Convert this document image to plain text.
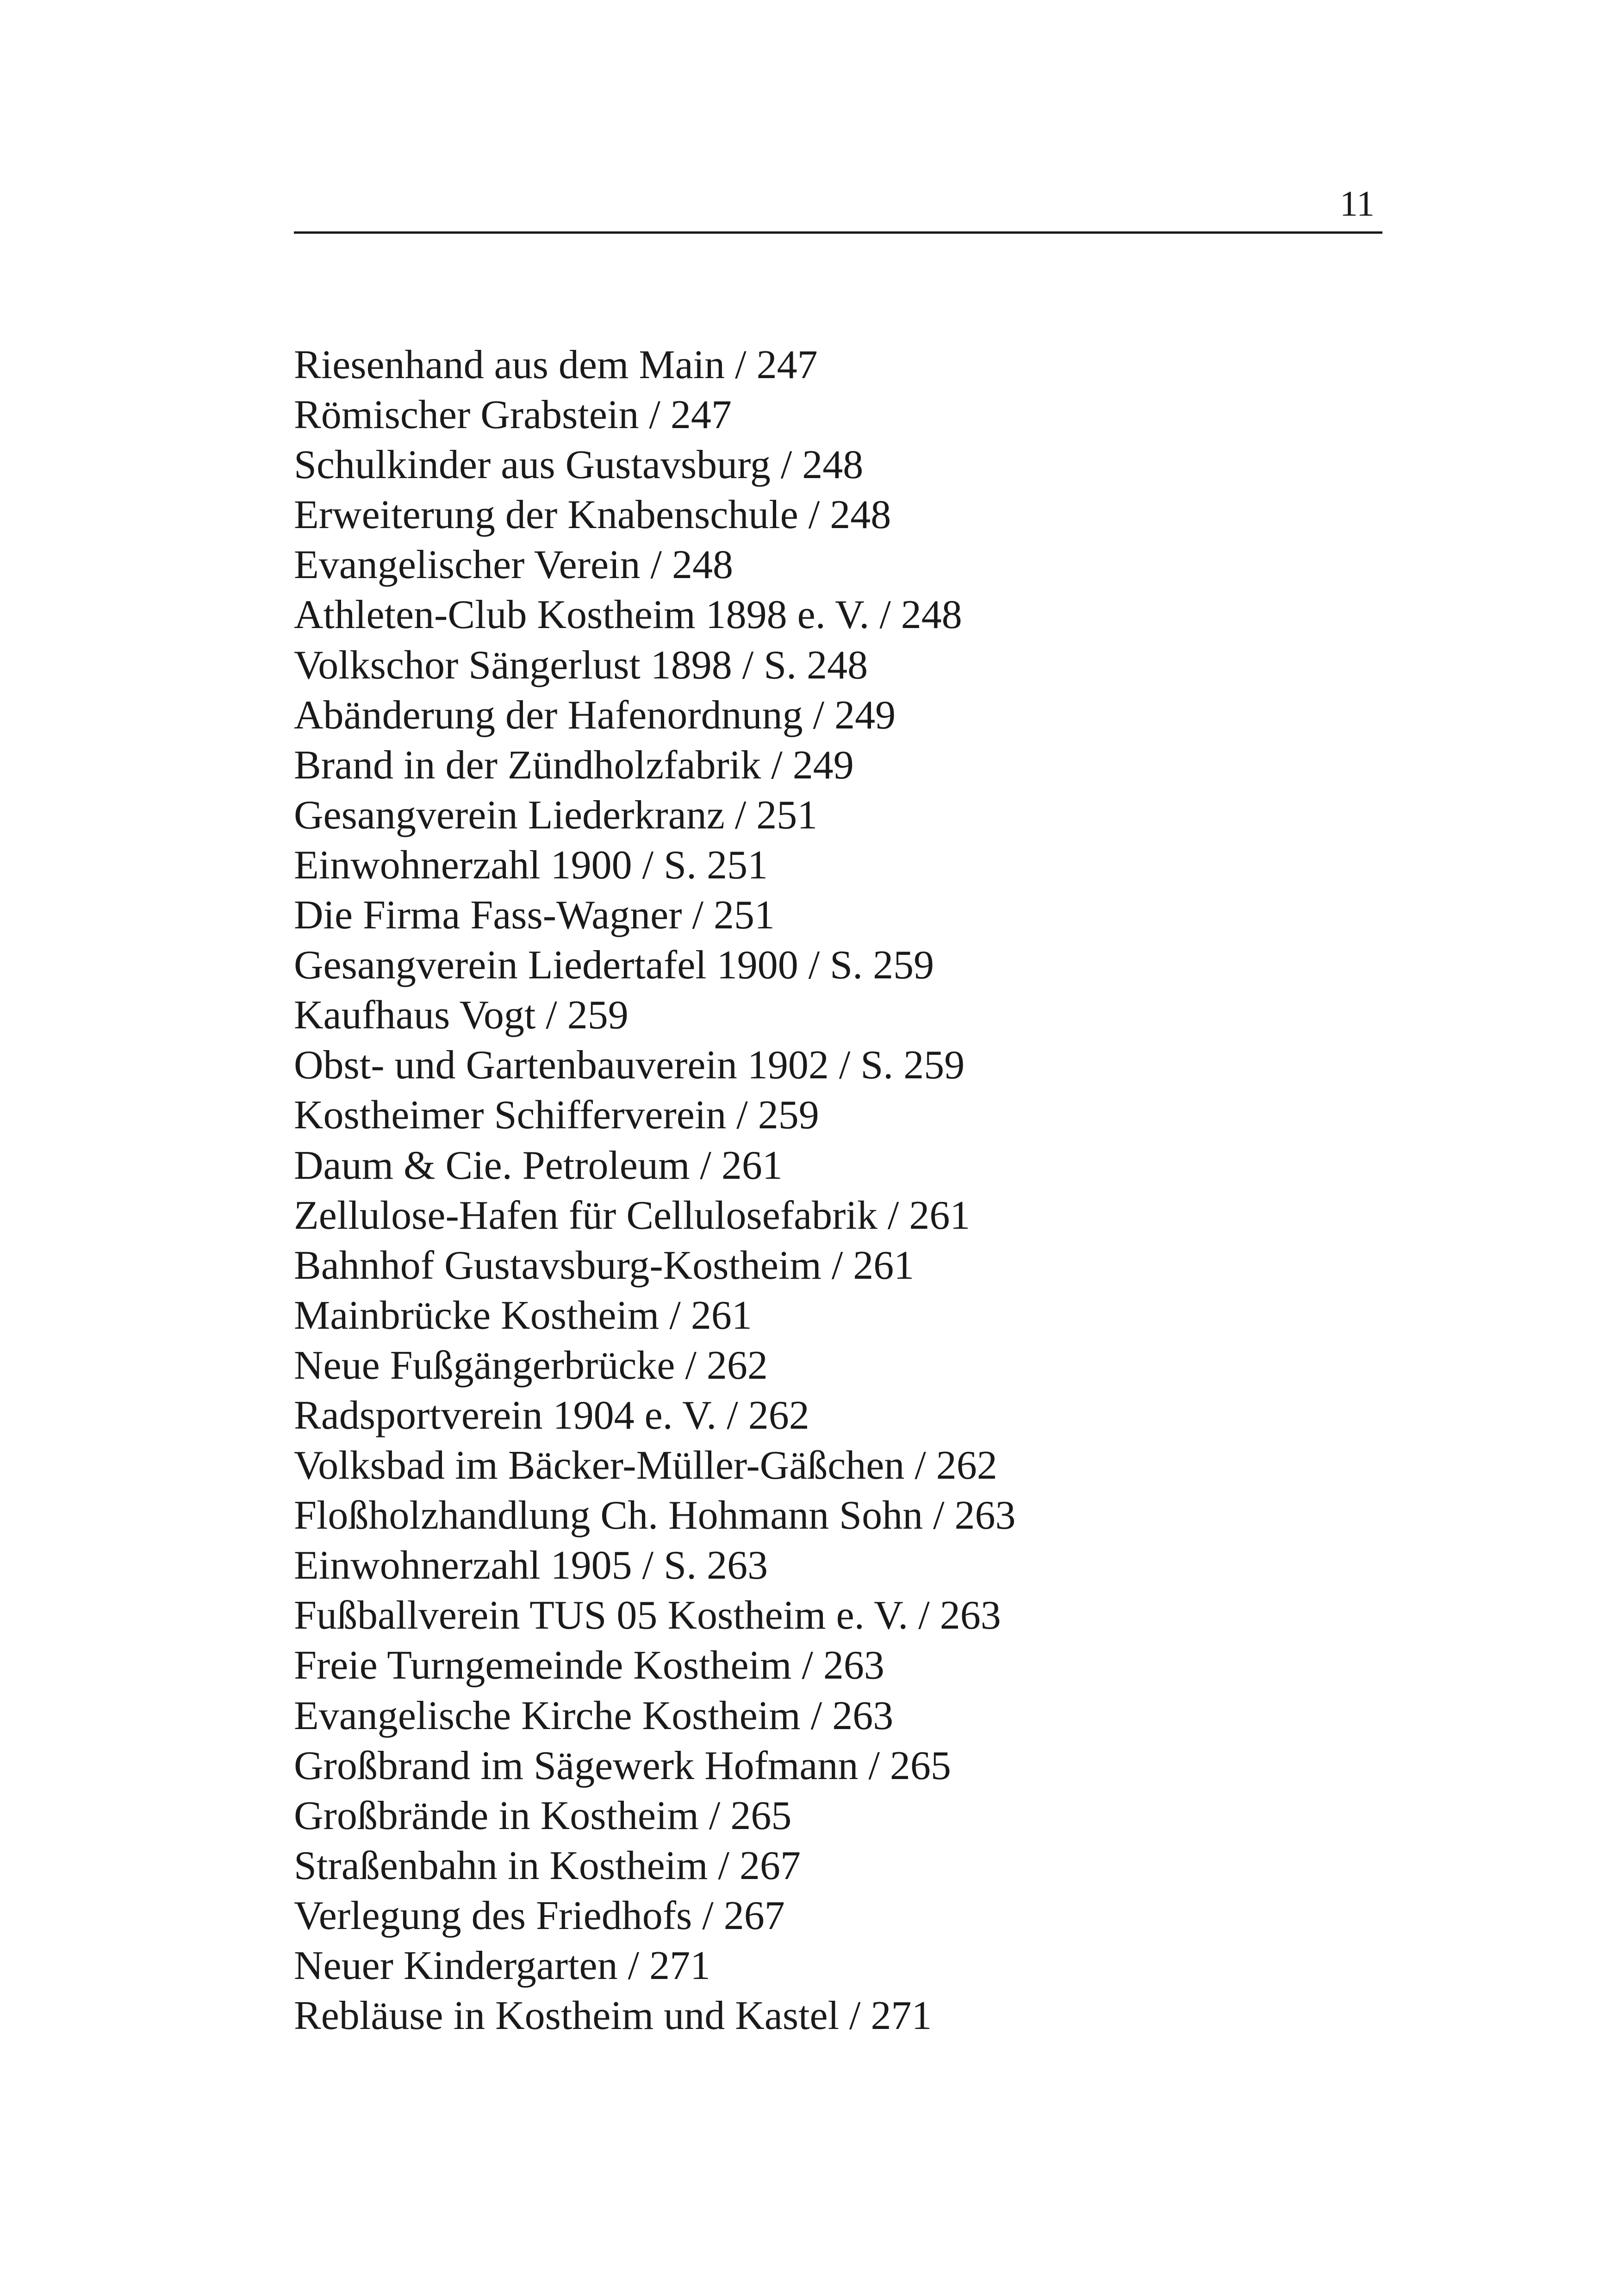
11
Riesenhand aus dem Main / 247
Römischer Grabstein / 247
Schulkinder aus Gustavsburg / 248
Erweiterung der Knabenschule / 248
Evangelischer Verein / 248
Athleten-Club Kostheim 1898 e. V. / 248
Volkschor Sängerlust 1898 / S. 248
Abänderung der Hafenordnung / 249
Brand in der Zündholzfabrik / 249
Gesangverein Liederkranz / 251
Einwohnerzahl 1900 / S. 251
Die Firma Fass-Wagner / 251
Gesangverein Liedertafel 1900 / S. 259
Kaufhaus Vogt / 259
Obst- und Gartenbauverein 1902 / S. 259
Kostheimer Schifferverein / 259
Daum & Cie. Petroleum / 261
Zellulose-Hafen für Cellulosefabrik / 261
Bahnhof Gustavsburg-Kostheim / 261
Mainbrücke Kostheim / 261
Neue Fußgängerbrücke / 262
Radsportverein 1904 e. V. / 262
Volksbad im Bäcker-Müller-Gäßchen / 262
Floßholzhandlung Ch. Hohmann Sohn / 263
Einwohnerzahl 1905 / S. 263
Fußballverein TUS 05 Kostheim e. V. / 263
Freie Turngemeinde Kostheim / 263
Evangelische Kirche Kostheim / 263
Großbrand im Sägewerk Hofmann / 265
Großbrände in Kostheim / 265
Straßenbahn in Kostheim / 267
Verlegung des Friedhofs / 267
Neuer Kindergarten / 271
Rebläuse in Kostheim und Kastel / 271
